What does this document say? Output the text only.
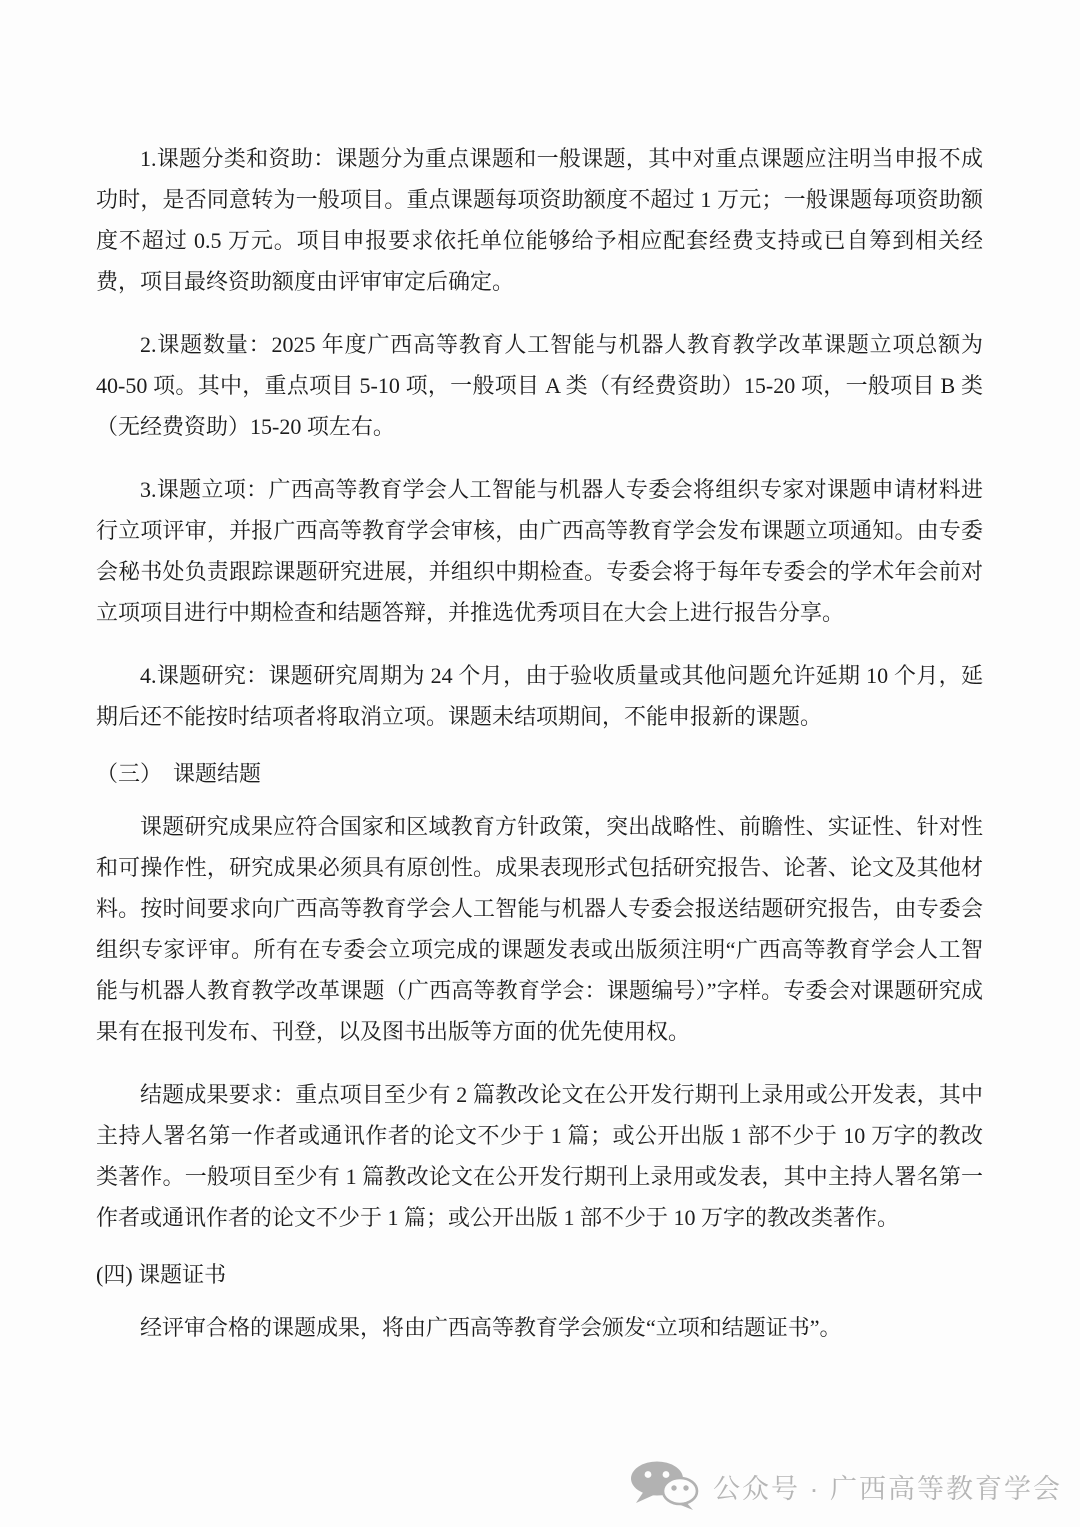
1.课题分类和资助：课题分为重点课题和一般课题，其中对重点课题应注明当申报不成功时，是否同意转为一般项目。重点课题每项资助额度不超过 1 万元；一般课题每项资助额度不超过 0.5 万元。项目申报要求依托单位能够给予相应配套经费支持或已自筹到相关经费，项目最终资助额度由评审审定后确定。

2.课题数量：2025 年度广西高等教育人工智能与机器人教育教学改革课题立项总额为 40-50 项。其中，重点项目 5-10 项，一般项目 A 类（有经费资助）15-20 项，一般项目 B 类（无经费资助）15-20 项左右。

3.课题立项：广西高等教育学会人工智能与机器人专委会将组织专家对课题申请材料进行立项评审，并报广西高等教育学会审核，由广西高等教育学会发布课题立项通知。由专委会秘书处负责跟踪课题研究进展，并组织中期检查。专委会将于每年专委会的学术年会前对立项项目进行中期检查和结题答辩，并推选优秀项目在大会上进行报告分享。

4.课题研究：课题研究周期为 24 个月，由于验收质量或其他问题允许延期 10 个月，延期后还不能按时结项者将取消立项。课题未结项期间，不能申报新的课题。

（三）　课题结题

课题研究成果应符合国家和区域教育方针政策，突出战略性、前瞻性、实证性、针对性和可操作性，研究成果必须具有原创性。成果表现形式包括研究报告、论著、论文及其他材料。按时间要求向广西高等教育学会人工智能与机器人专委会报送结题研究报告，由专委会组织专家评审。所有在专委会立项完成的课题发表或出版须注明“广西高等教育学会人工智能与机器人教育教学改革课题（广西高等教育学会：课题编号）”字样。专委会对课题研究成果有在报刊发布、刊登，以及图书出版等方面的优先使用权。

结题成果要求：重点项目至少有 2 篇教改论文在公开发行期刊上录用或公开发表，其中主持人署名第一作者或通讯作者的论文不少于 1 篇；或公开出版 1 部不少于 10 万字的教改类著作。一般项目至少有 1 篇教改论文在公开发行期刊上录用或发表，其中主持人署名第一作者或通讯作者的论文不少于 1 篇；或公开出版 1 部不少于 10 万字的教改类著作。

(四) 课题证书

经评审合格的课题成果，将由广西高等教育学会颁发“立项和结题证书”。

公众号 · 广西高等教育学会
